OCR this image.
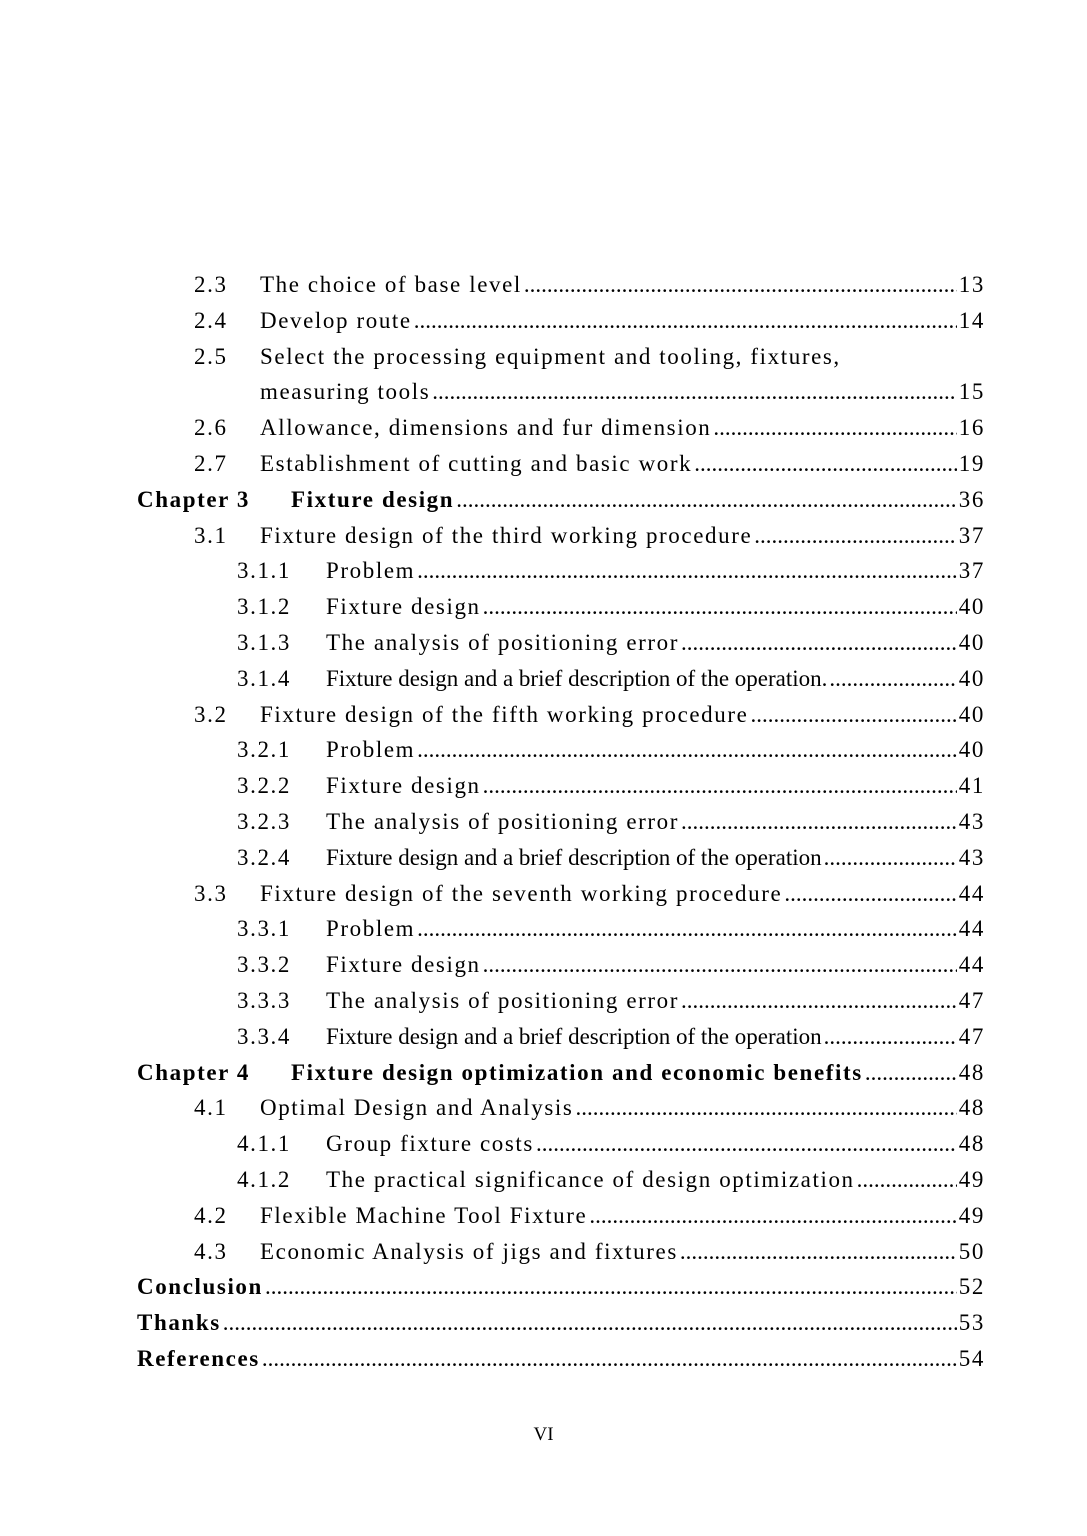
2.3	The choice of base level .....	13
2.4	Develop route .....	14
2.5	Select the processing equipment and tooling, fixtures,
measuring tools .....	15
2.6	Allowance, dimensions and fur dimension .....	16
2.7	Establishment of cutting and basic work .....	19
Chapter 3	Fixture design .....	36
3.1	Fixture design of the third working procedure .....	37
3.1.1	Problem .....	37
3.1.2	Fixture design .....	40
3.1.3	The analysis of positioning error .....	40
3.1.4	Fixture design and a brief description of the operation. .....	40
3.2	Fixture design of the fifth working procedure .....	40
3.2.1	Problem .....	40
3.2.2	Fixture design .....	41
3.2.3	The analysis of positioning error .....	43
3.2.4	Fixture design and a brief description of the operation .....	43
3.3	Fixture design of the seventh working procedure .....	44
3.3.1	Problem .....	44
3.3.2	Fixture design .....	44
3.3.3	The analysis of positioning error .....	47
3.3.4	Fixture design and a brief description of the operation .....	47
Chapter 4	Fixture design optimization and economic benefits .....	48
4.1	Optimal Design and Analysis .....	48
4.1.1	Group fixture costs .....	48
4.1.2	The practical significance of design optimization .....	49
4.2	Flexible Machine Tool Fixture .....	49
4.3	Economic Analysis of jigs and fixtures .....	50
Conclusion .....	52
Thanks .....	53
References .....	54
VI
